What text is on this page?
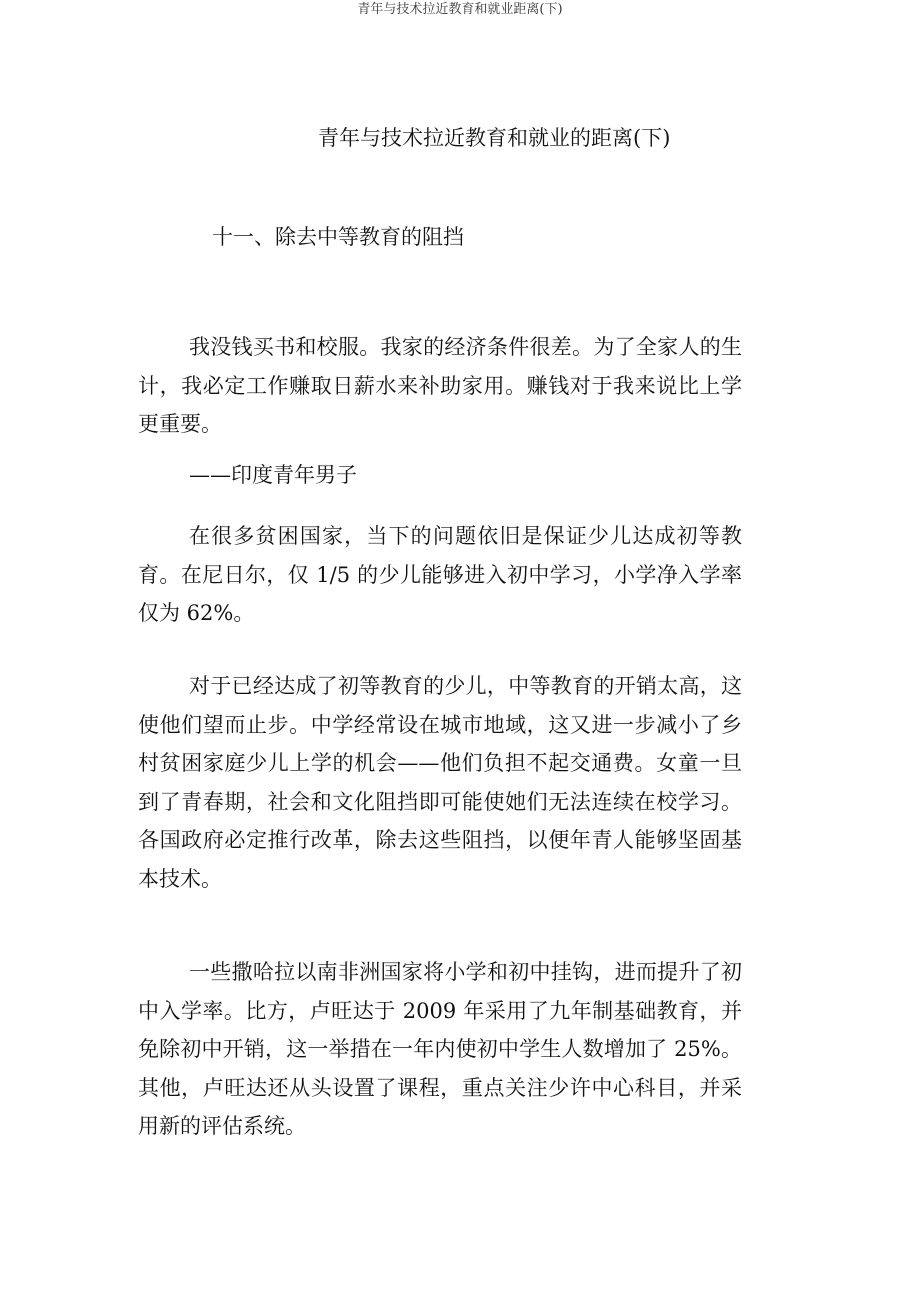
青年与技术拉近教育和就业距离(下)
青年与技术拉近教育和就业的距离(下)
十一、除去中等教育的阻挡

我没钱买书和校服。我家的经济条件很差。为了全家人的生计，我必定工作赚取日薪水来补助家用。赚钱对于我来说比上学更重要。

——印度青年男子

在很多贫困国家，当下的问题依旧是保证少儿达成初等教育。在尼日尔，仅 1/5 的少儿能够进入初中学习，小学净入学率仅为 62%。

对于已经达成了初等教育的少儿，中等教育的开销太高，这使他们望而止步。中学经常设在城市地域，这又进一步减小了乡村贫困家庭少儿上学的机会——他们负担不起交通费。女童一旦到了青春期，社会和文化阻挡即可能使她们无法连续在校学习。各国政府必定推行改革，除去这些阻挡，以便年青人能够坚固基本技术。

一些撒哈拉以南非洲国家将小学和初中挂钩，进而提升了初中入学率。比方，卢旺达于 2009 年采用了九年制基础教育，并免除初中开销，这一举措在一年内使初中学生人数增加了 25%。其他，卢旺达还从头设置了课程，重点关注少许中心科目，并采用新的评估系统。
